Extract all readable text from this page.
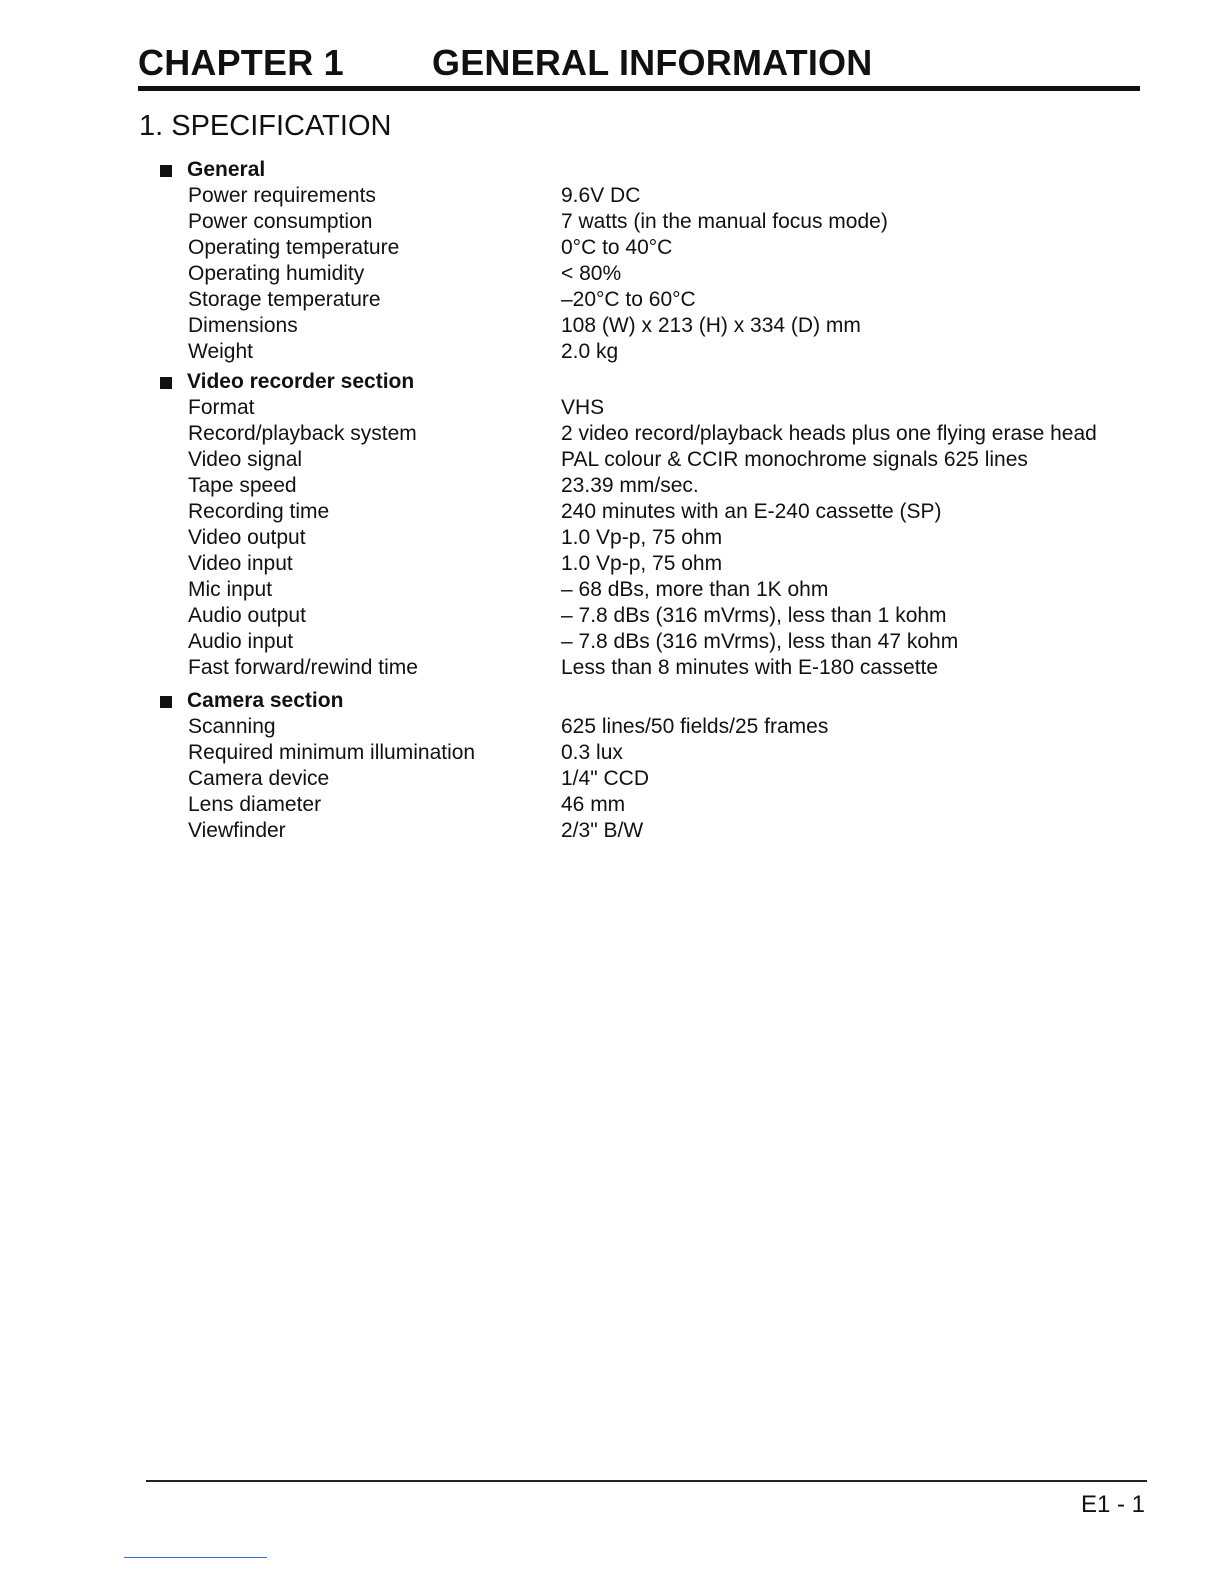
CHAPTER 1 GENERAL INFORMATION
1. SPECIFICATION
General
Power requirements	9.6V DC
Power consumption	7 watts (in the manual focus mode)
Operating temperature	0°C to 40°C
Operating humidity	< 80%
Storage temperature	–20°C to 60°C
Dimensions	108 (W) x 213 (H) x 334 (D) mm
Weight	2.0 kg
Video recorder section
Format	VHS
Record/playback system	2 video record/playback heads plus one flying erase head
Video signal	PAL colour & CCIR monochrome signals 625 lines
Tape speed	23.39 mm/sec.
Recording time	240 minutes with an E-240 cassette (SP)
Video output	1.0 Vp-p, 75 ohm
Video input	1.0 Vp-p, 75 ohm
Mic input	– 68 dBs, more than 1K ohm
Audio output	– 7.8 dBs (316 mVrms), less than 1 kohm
Audio input	– 7.8 dBs (316 mVrms), less than 47 kohm
Fast forward/rewind time	Less than 8 minutes with E-180 cassette
Camera section
Scanning	625 lines/50 fields/25 frames
Required minimum illumination	0.3 lux
Camera device	1/4" CCD
Lens diameter	46 mm
Viewfinder	2/3" B/W
E1 - 1
